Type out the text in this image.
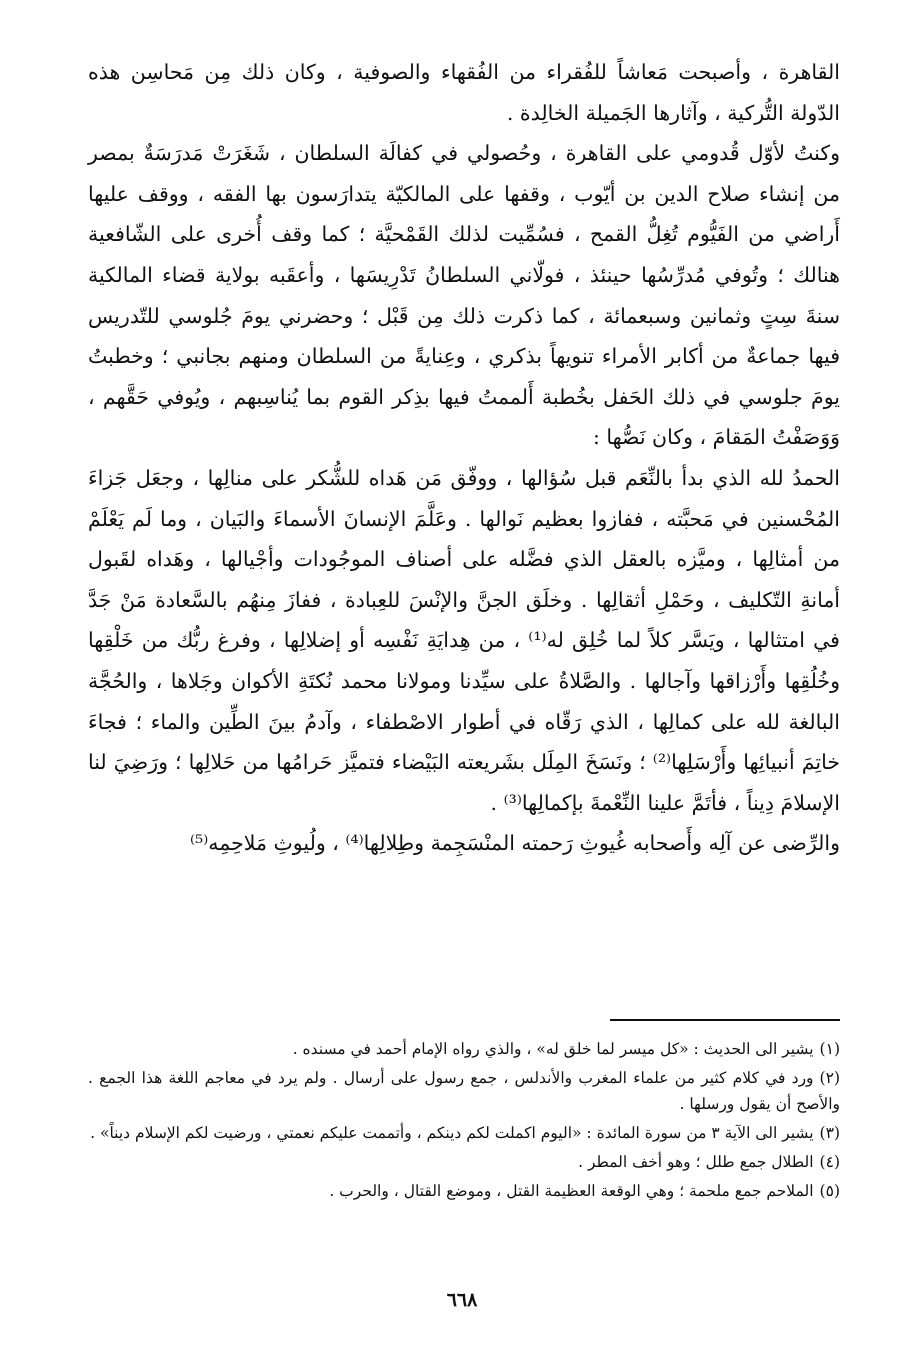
القاهرة ، وأصبحت مَعاشاً للفُقراء من الفُقهاء والصوفية ، وكان ذلك مِن مَحاسِن هذه الدّولة التُّركية ، وآثارها الجَميلة الخالِدة .

وكنتُ لأوّل قُدومي على القاهرة ، وحُصولي في كفالَة السلطان ، شَغَرَتْ مَدرَسَةٌ بمصر من إنشاء صلاح الدين بن أيّوب ، وقفها على المالكيّة يتدارَسون بها الفقه ، ووقف عليها أَراضي من الفَيُّوم تُغِلُّ القمح ، فسُمِّيت لذلك القَمْحيَّة ؛ كما وقف أُخرى على الشّافعية هنالك ؛ وتُوفي مُدرِّسُها حينئذ ، فولّاني السلطانُ تَدْرِيسَها ، وأعقَبه بولاية قضاء المالكية سنةَ سِتٍ وثمانين وسبعمائة ، كما ذكرت ذلك مِن قَبْل ؛ وحضرني يومَ جُلوسي للتّدريس فيها جماعةٌ من أكابر الأمراء تنويهاً بذكري ، وعِنايةً من السلطان ومنهم بجانبي ؛ وخطبتُ يومَ جلوسي في ذلك الحَفل بخُطبة أَلممتُ فيها بذِكر القوم بما يُناسِبهم ، ويُوفي حَقَّهم ، وَوَصَفْتُ المَقامَ ، وكان نَصُّها :

الحمدُ لله الذي بدأ بالنِّعَم قبل سُؤالها ، ووفّق مَن هَداه للشُّكر على منالِها ، وجعَل جَزاءَ المُحْسنين في مَحبَّته ، ففازوا بعظيم نَوالها . وعَلَّمَ الإنسانَ الأسماءَ والبَيان ، وما لَم يَعْلَمْ من أمثالِها ، وميَّزه بالعقل الذي فضَّله على أصناف الموجُودات وأجْيالها ، وهَداه لقَبول أمانةِ التّكليف ، وحَمْلِ أثقالِها . وخلَق الجنَّ والإنْسَ للعِبادة ، ففازَ مِنهُم بالسَّعادة مَنْ جَدَّ في امتثالها ، ويَسَّر كلاً لما خُلِق له⁽¹⁾ ، من هِدايَةِ نَفْسِه أو إضلالِها ، وفرغ ربُّك من خَلْقِها وخُلُقِها وأَرْزاقها وآجالها . والصَّلاةُ على سيِّدنا ومولانا محمد نُكتَةِ الأكوان وجَلاها ، والحُجَّة البالغة لله على كمالِها ، الذي رَقّاه في أطوار الاصْطفاء ، وآدمُ بينَ الطِّين والماء ؛ فجاءَ خاتِمَ أنبيائِها وأَرْسَلِها⁽²⁾ ؛ ونَسَخَ المِلَل بشَريعته البَيْضاء فتميَّز حَرامُها من حَلالِها ؛ ورَضِيَ لنا الإسلامَ دِيناً ، فأتَمَّ علينا النِّعْمةَ بإكمالِها⁽³⁾ .

والرِّضى عن آلِه وأَصحابه غُيوثِ رَحمته المنْسَجِمة وطِلالِها⁽⁴⁾ ، ولُيوثِ مَلاحِمِه⁽⁵⁾

(١)يشير الى الحديث : «كل ميسر لما خلق له» ، والذي رواه الإمام أحمد في مسنده .

(٢)ورد في كلام كثير من علماء المغرب والأندلس ، جمع رسول على أرسال . ولم يرد في معاجم اللغة هذا الجمع . والأصح أن يقول ورسلها .

(٣)يشير الى الآية ٣ من سورة المائدة : «اليوم اكملت لكم دينكم ، وأتممت عليكم نعمتي ، ورضيت لكم الإسلام ديناً» .

(٤)الطلال جمع طلل ؛ وهو أخف المطر .

(٥)الملاحم جمع ملحمة ؛ وهي الوقعة العظيمة القتل ، وموضع القتال ، والحرب .

٦٦٨
